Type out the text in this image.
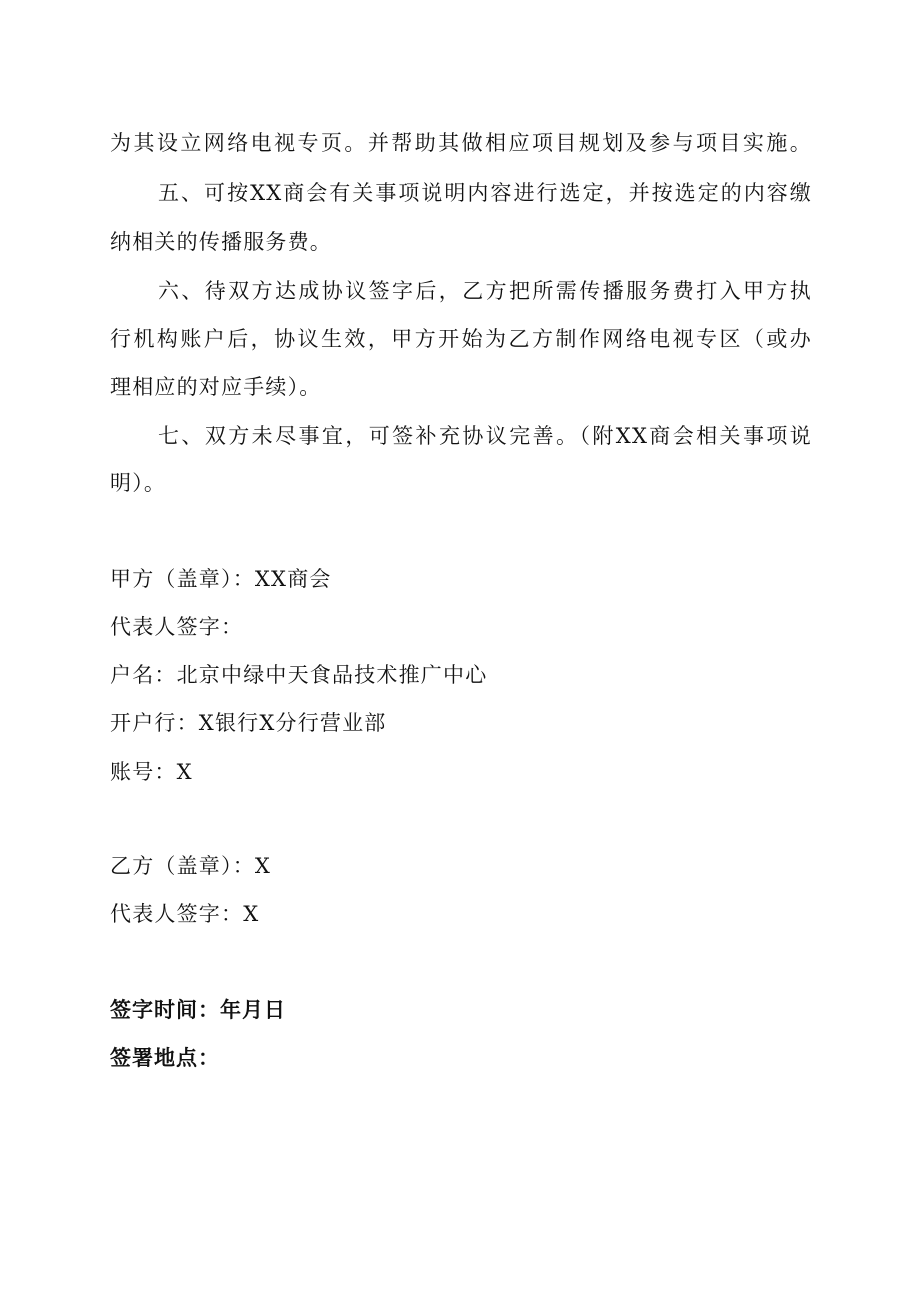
为其设立网络电视专页。并帮助其做相应项目规划及参与项目实施。
五、可按XX商会有关事项说明内容进行选定，并按选定的内容缴
纳相关的传播服务费。
六、待双方达成协议签字后，乙方把所需传播服务费打入甲方执
行机构账户后，协议生效，甲方开始为乙方制作网络电视专区（或办
理相应的对应手续）。
七、双方未尽事宜，可签补充协议完善。（附XX商会相关事项说
明）。
甲方（盖章）：XX商会
代表人签字：
户名：北京中绿中天食品技术推广中心
开户行：X银行X分行营业部
账号：X
乙方（盖章）：X
代表人签字：X
签字时间：年月日
签署地点：
